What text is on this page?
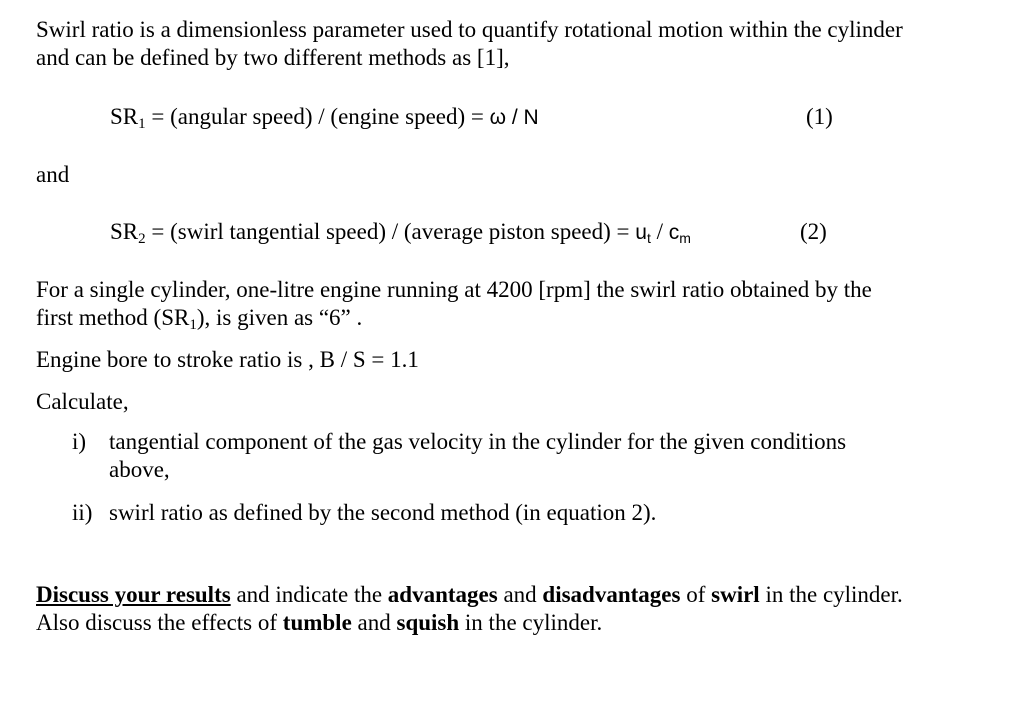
Swirl ratio is a dimensionless parameter used to quantify rotational motion within the cylinder
and can be defined by two different methods as [1],
SR1 = (angular speed) / (engine speed) = ω / N	(1)
and
SR2 = (swirl tangential speed) / (average piston speed) = ut / cm	(2)
For a single cylinder, one-litre engine running at 4200 [rpm] the swirl ratio obtained by the
first method (SR1), is given as “6” .
Engine bore to stroke ratio is , B / S = 1.1
Calculate,
i) tangential component of the gas velocity in the cylinder for the given conditions
above,
ii) swirl ratio as defined by the second method (in equation 2).
Discuss your results and indicate the advantages and disadvantages of swirl in the cylinder.
Also discuss the effects of tumble and squish in the cylinder.
